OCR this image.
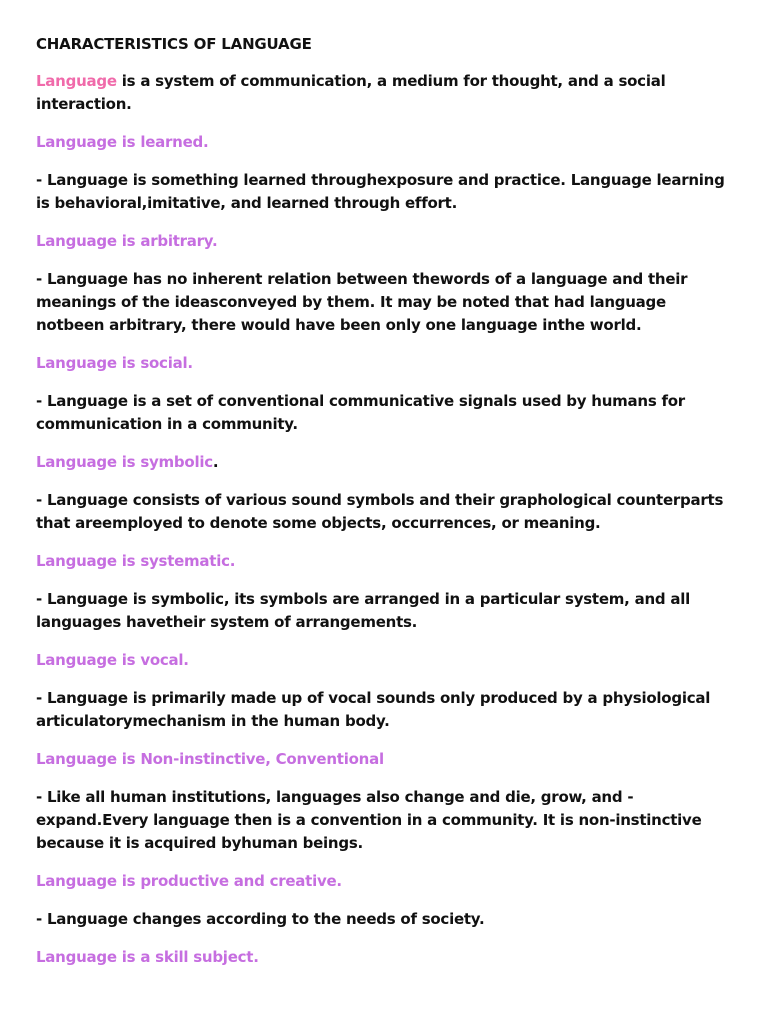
CHARACTERISTICS OF LANGUAGE
Language is a system of communication, a medium for thought, and a social interaction.
Language is learned.
- Language is something learned throughexposure and practice. Language learning is behavioral,imitative, and learned through effort.
Language is arbitrary.
- Language has no inherent relation between thewords of a language and their meanings of the ideasconveyed by them. It may be noted that had language notbeen arbitrary, there would have been only one language inthe world.
Language is social.
- Language is a set of conventional communicative signals used by humans for communication in a community.
Language is symbolic.
- Language consists of various sound symbols and their graphological counterparts that areemployed to denote some objects, occurrences, or meaning.
Language is systematic.
- Language is symbolic, its symbols are arranged in a particular system, and all languages havetheir system of arrangements.
Language is vocal.
- Language is primarily made up of vocal sounds only produced by a physiological articulatorymechanism in the human body.
Language is Non-instinctive, Conventional
- Like all human institutions, languages also change and die, grow, and - expand.Every language then is a convention in a community. It is non-instinctive because it is acquired byhuman beings.
Language is productive and creative.
- Language changes according to the needs of society.
Language is a skill subject.
